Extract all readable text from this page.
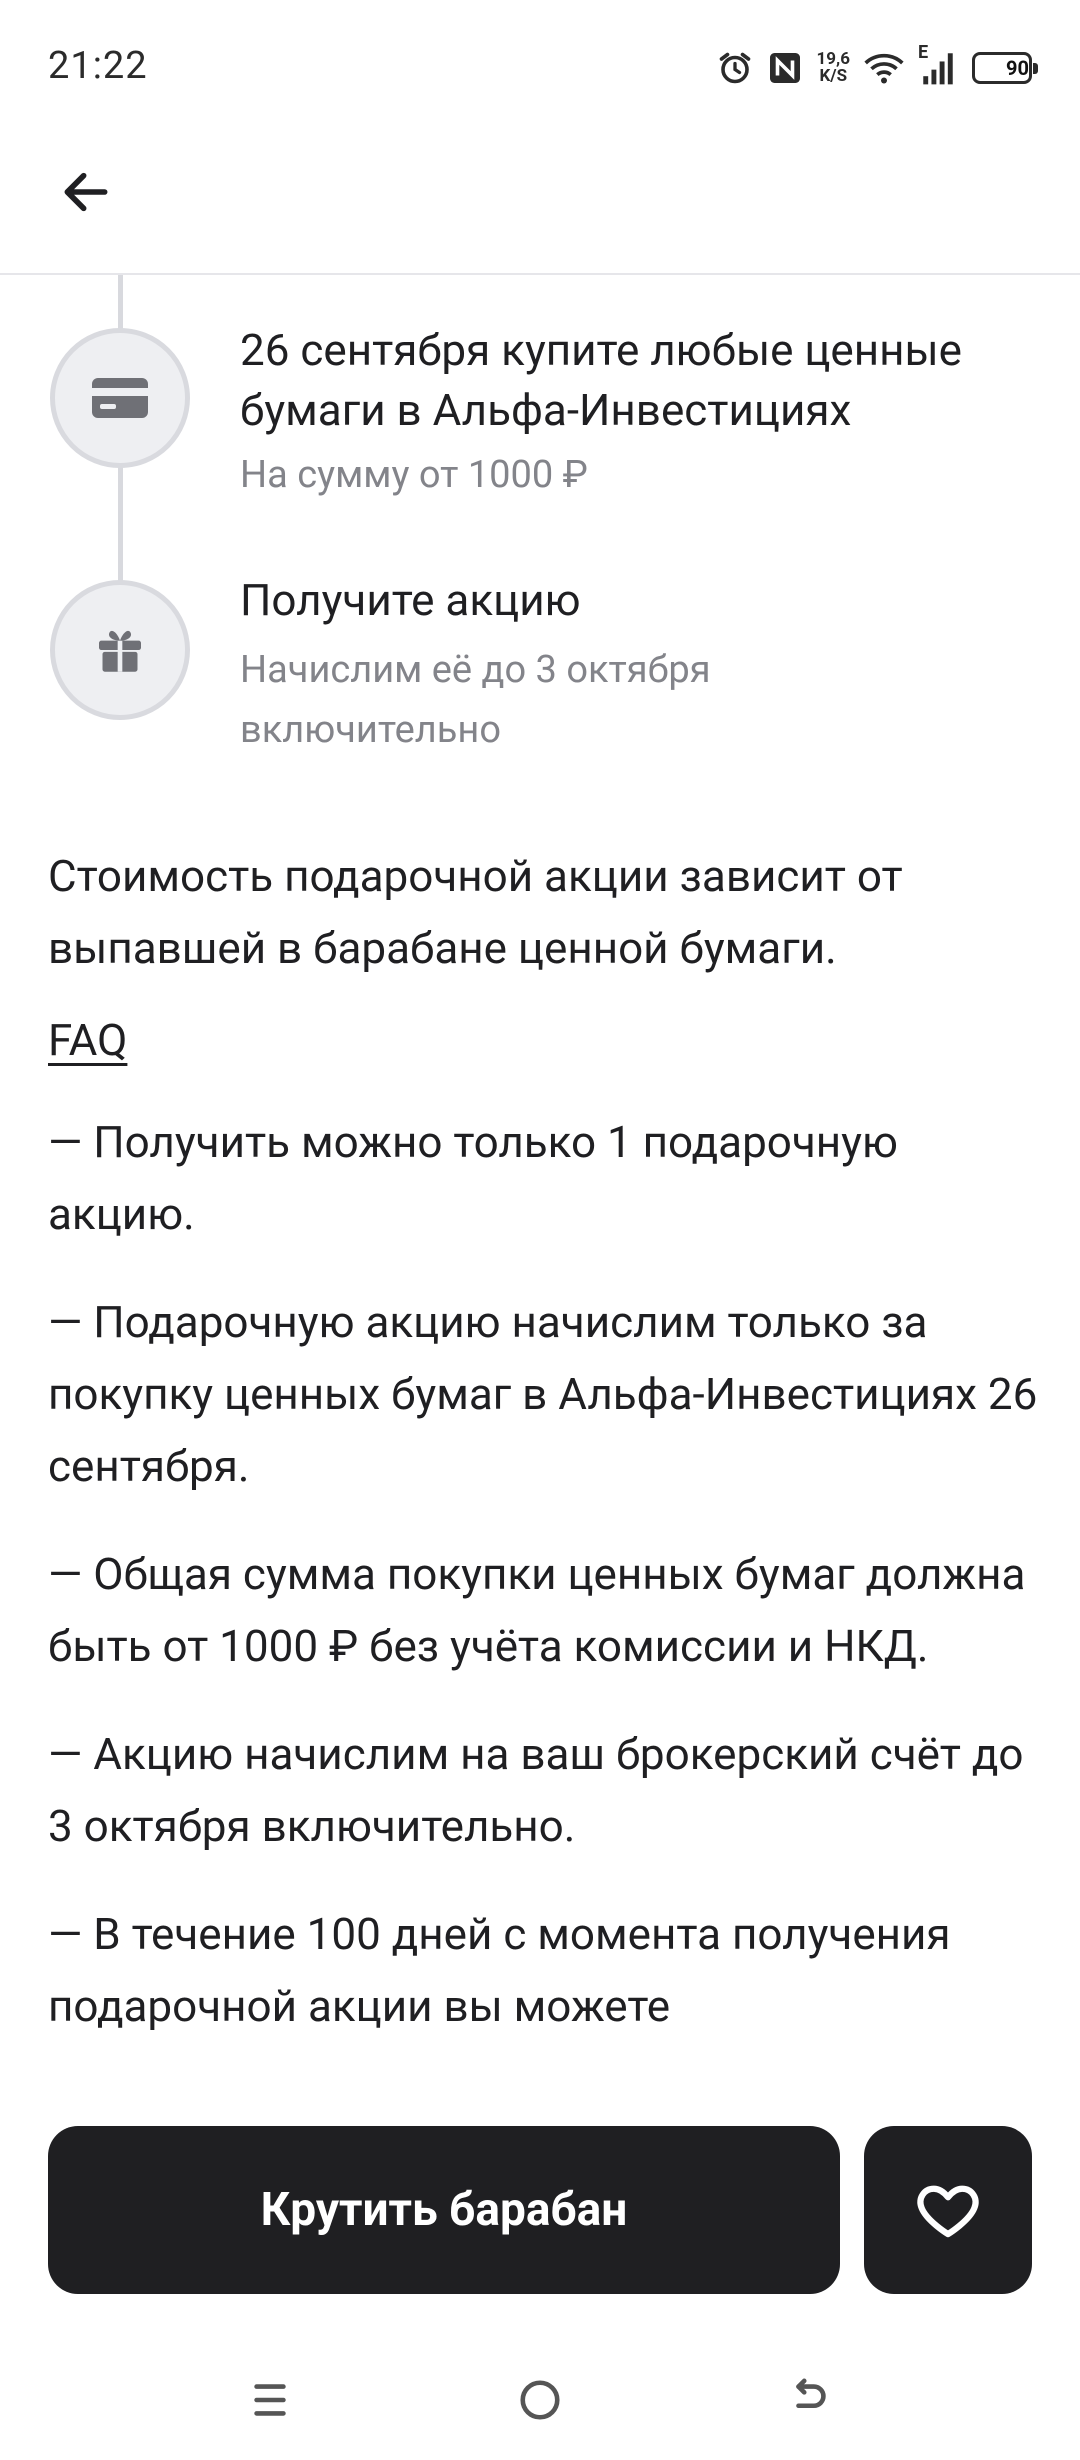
21:22	19,6
K/S
E
90
26 сентября купите любые ценные бумаги в Альфа-Инвестициях
На сумму от 1000 ₽
Получите акцию
Начислим её до 3 октября включительно

Стоимость подарочной акции зависит от выпавшей в барабане ценной бумаги.

FAQ

— Получить можно только 1 подарочную акцию.

— Подарочную акцию начислим только за покупку ценных бумаг в Альфа-Инвестициях 26 сентября.

— Общая сумма покупки ценных бумаг должна быть от 1000 ₽ без учёта комиссии и НКД.

— Акцию начислим на ваш брокерский счёт до 3 октября включительно.

— В течение 100 дней с момента получения подарочной акции вы можете

Крутить барабан
